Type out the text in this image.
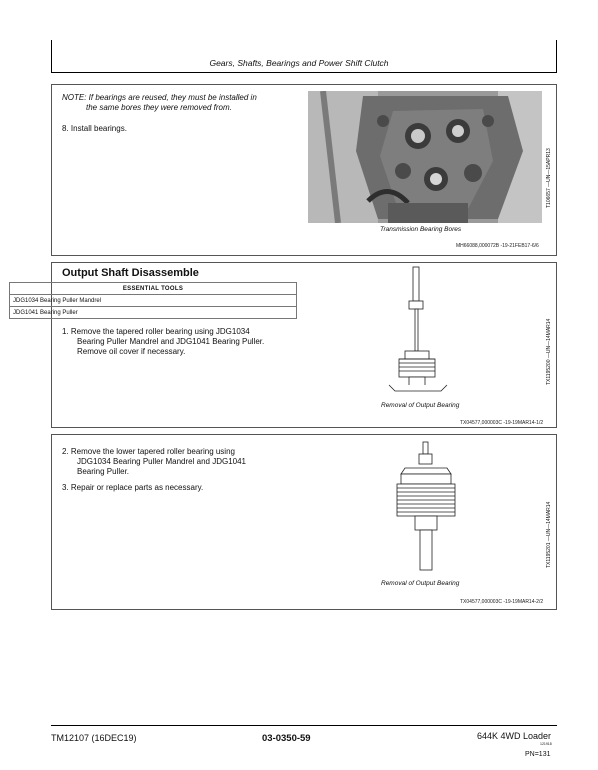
Gears, Shafts, Bearings and Power Shift Clutch
NOTE: If bearings are reused, they must be installed in
the same bores they were removed from.
8. Install bearings.
Transmission Bearing Bores
T106657 —UN—15APR13
MH66088,000072B -19-21FEB17-6/6
Output Shaft Disassemble
ESSENTIAL TOOLS
JDG1034 Bearing Puller Mandrel
JDG1041 Bearing Puller
1. Remove the tapered roller bearing using JDG1034
Bearing Puller Mandrel and JDG1041 Bearing Puller.
Remove oil cover if necessary.
Removal of Output Bearing
TX1195200 —UN—14MAR14
TX04577,000003C -19-19MAR14-1/2
2. Remove the lower tapered roller bearing using
JDG1034 Bearing Puller Mandrel and JDG1041
Bearing Puller.
3. Repair or replace parts as necessary.
Removal of Output Bearing
TX1195201 —UN—14MAR14
TX04577,000003C -19-19MAR14-2/2
TM12107 (16DEC19)	03-0350-59	644K 4WD Loader
121918
PN=131
